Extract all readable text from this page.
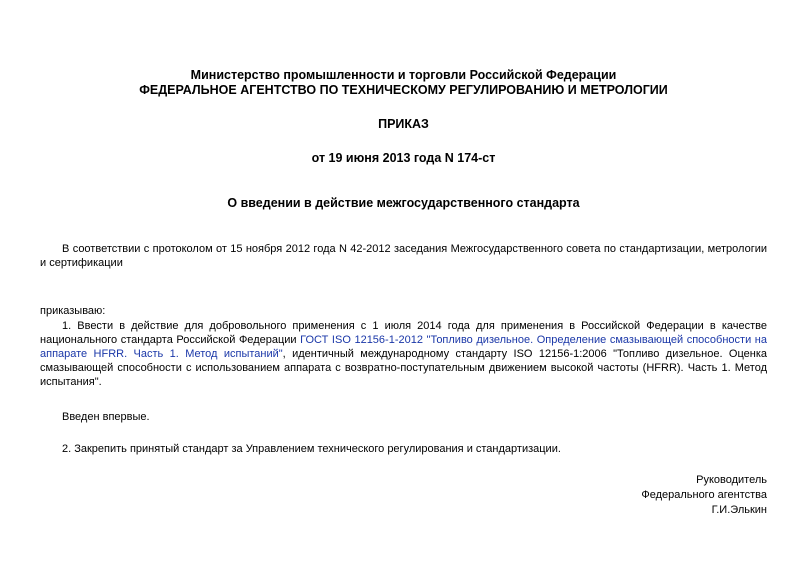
Министерство промышленности и торговли Российской Федерации
ФЕДЕРАЛЬНОЕ АГЕНТСТВО ПО ТЕХНИЧЕСКОМУ РЕГУЛИРОВАНИЮ И МЕТРОЛОГИИ
ПРИКАЗ
от 19 июня 2013 года N 174-ст
О введении в действие межгосударственного стандарта
В соответствии с протоколом от 15 ноября 2012 года N 42-2012 заседания Межгосударственного совета по стандартизации, метрологии и сертификации
приказываю:
1. Ввести в действие для добровольного применения с 1 июля 2014 года для применения в Российской Федерации в качестве национального стандарта Российской Федерации ГОСТ ISO 12156-1-2012 "Топливо дизельное. Определение смазывающей способности на аппарате HFRR. Часть 1. Метод испытаний", идентичный международному стандарту ISO 12156-1:2006 "Топливо дизельное. Оценка смазывающей способности с использованием аппарата с возвратно-поступательным движением высокой частоты (HFRR). Часть 1. Метод испытания".
Введен впервые.
2. Закрепить принятый стандарт за Управлением технического регулирования и стандартизации.
Руководитель
Федерального агентства
Г.И.Элькин
